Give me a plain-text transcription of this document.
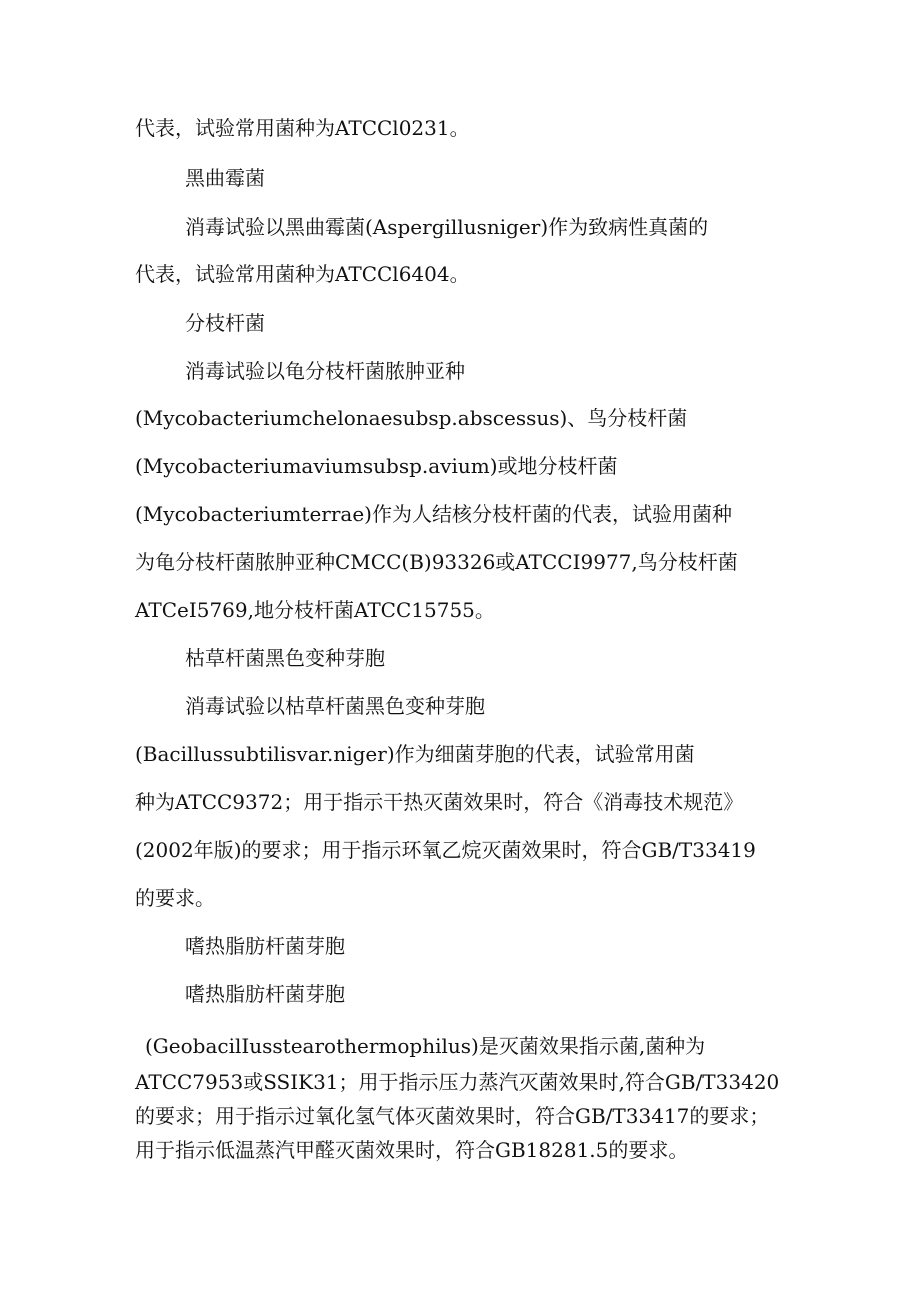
代表，试验常用菌种为ATCCl0231。
黑曲霉菌
消毒试验以黑曲霉菌(Aspergillusniger)作为致病性真菌的
代表，试验常用菌种为ATCCl6404。
分枝杆菌
消毒试验以龟分枝杆菌脓肿亚种
(Mycobacteriumchelonaesubsp.abscessus)、鸟分枝杆菌
(Mycobacteriumaviumsubsp.avium)或地分枝杆菌
(Mycobacteriumterrae)作为人结核分枝杆菌的代表，试验用菌种
为龟分枝杆菌脓肿亚种CMCC(B)93326或ATCCI9977,鸟分枝杆菌
ATCeI5769,地分枝杆菌ATCC15755。
枯草杆菌黑色变种芽胞
消毒试验以枯草杆菌黑色变种芽胞
(Bacillussubtilisvar.niger)作为细菌芽胞的代表，试验常用菌
种为ATCC9372；用于指示干热灭菌效果时，符合《消毒技术规范》
(2002年版)的要求；用于指示环氧乙烷灭菌效果时，符合GB/T33419
的要求。
嗜热脂肪杆菌芽胞
嗜热脂肪杆菌芽胞
(GeobacilIusstearothermophilus)是灭菌效果指示菌,菌种为
ATCC7953或SSIK31；用于指示压力蒸汽灭菌效果时,符合GB/T33420
的要求；用于指示过氧化氢气体灭菌效果时，符合GB/T33417的要求；
用于指示低温蒸汽甲醛灭菌效果时，符合GB18281.5的要求。
